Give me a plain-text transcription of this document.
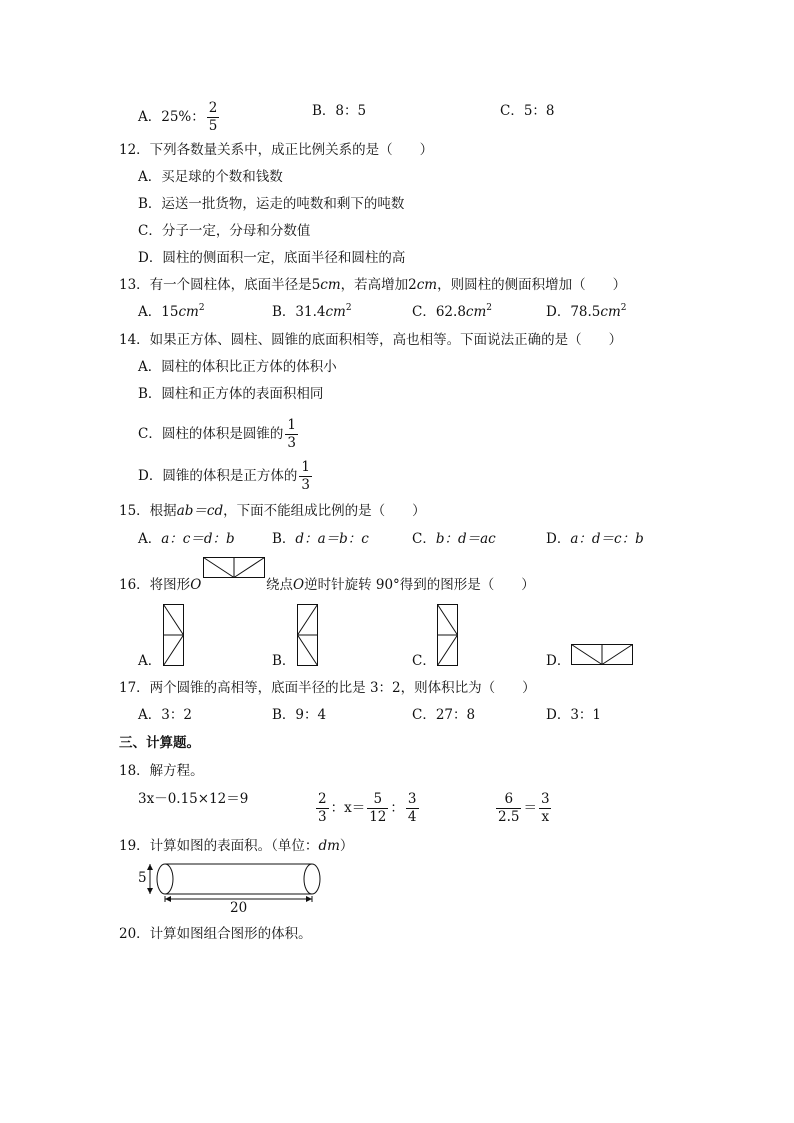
A．25%： $\frac{2}{5}$	B．8：5	C．5：8
12．下列各数量关系中，成正比例关系的是（　　）
A．买足球的个数和钱数
B．运送一批货物，运走的吨数和剩下的吨数
C．分子一定，分母和分数值
D．圆柱的侧面积一定，底面半径和圆柱的高
13．有一个圆柱体，底面半径是5cm，若高增加2cm，则圆柱的侧面积增加（　　）
A．$15cm^2$	B．$31.4cm^2$	C．$62.8cm^2$	D．$78.5cm^2$
14．如果正方体、圆柱、圆锥的底面积相等，高也相等。下面说法正确的是（　　）
A．圆柱的体积比正方体的体积小
B．圆柱和正方体的表面积相同
C．圆柱的体积是圆锥的 $\frac{1}{3}$
D．圆锥的体积是正方体的 $\frac{1}{3}$
15．根据ab＝cd，下面不能组成比例的是（　　）
A．a：c＝d：b	B．d：a＝b：c	C．b：d＝ac	D．a：d＝c：b
16．将图形O	绕点O逆时针旋转 90°得到的图形是（　　）
A．	B．	C．	D．
17．两个圆锥的高相等，底面半径的比是 3：2，则体积比为（　　）
A．3：2	B．9：4	C．27：8	D．3：1
三、计算题。
18．解方程。
3x－0.15×12＝9	$\frac{2}{3}$ ：$x= \frac{5}{12}$ ： $\frac{3}{4}$	$\frac{6}{2.5} = \frac{3}{x}$
19．计算如图的表面积。（单位：dm）
5
20
20．计算如图组合图形的体积。
